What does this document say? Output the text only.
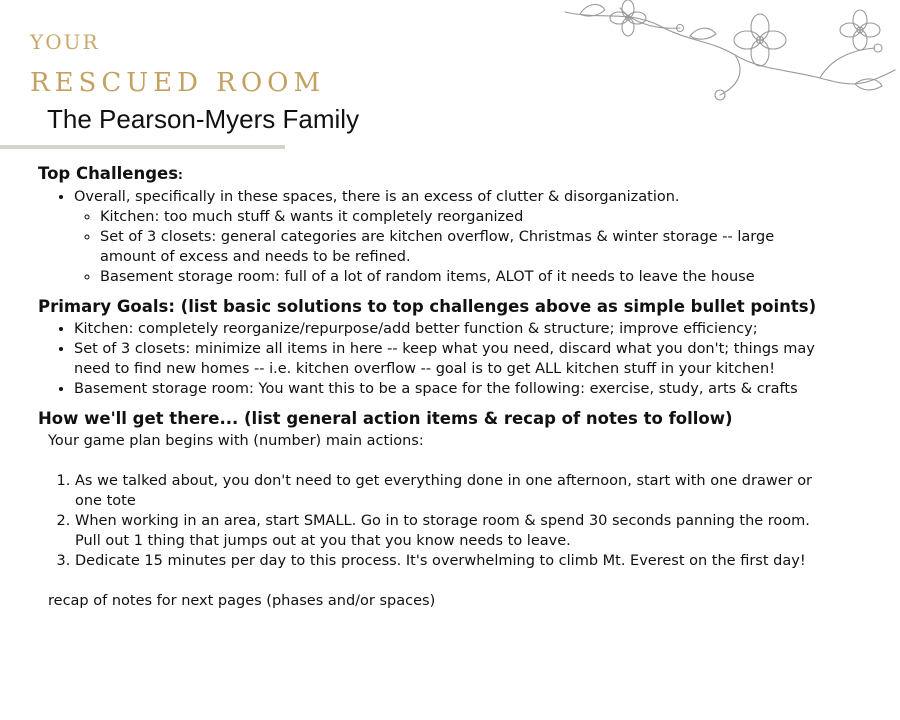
YOUR
RESCUED ROOM
The Pearson-Myers Family
Top Challenges:
• Overall, specifically in these spaces, there is an excess of clutter & disorganization.
◦ Kitchen: too much stuff & wants it completely reorganized
◦ Set of 3 closets: general categories are kitchen overflow, Christmas & winter storage -- large amount of excess and needs to be refined.
◦ Basement storage room: full of a lot of random items, ALOT of it needs to leave the house
Primary Goals: (list basic solutions to top challenges above as simple bullet points)
• Kitchen: completely reorganize/repurpose/add better function & structure; improve efficiency;
• Set of 3 closets: minimize all items in here -- keep what you need, discard what you don't; things may need to find new homes -- i.e. kitchen overflow -- goal is to get ALL kitchen stuff in your kitchen!
• Basement storage room: You want this to be a space for the following: exercise, study, arts & crafts
How we'll get there... (list general action items & recap of notes to follow)
Your game plan begins with (number) main actions:
1. As we talked about, you don't need to get everything done in one afternoon, start with one drawer or one tote
2. When working in an area, start SMALL. Go in to storage room & spend 30 seconds panning the room. Pull out 1 thing that jumps out at you that you know needs to leave.
3. Dedicate 15 minutes per day to this process. It's overwhelming to climb Mt. Everest on the first day!
recap of notes for next pages (phases and/or spaces)
